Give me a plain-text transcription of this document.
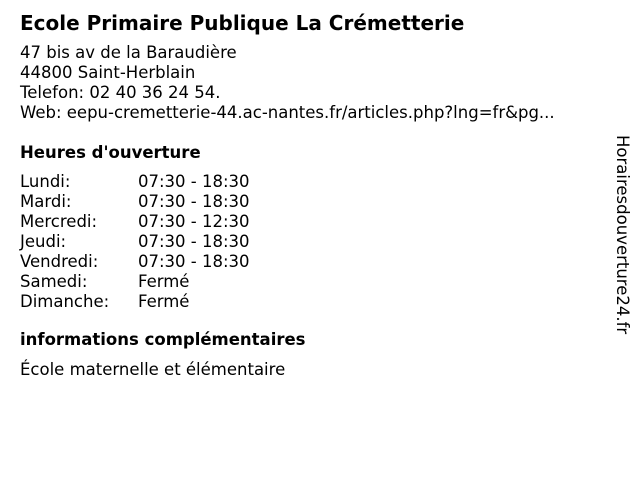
Ecole Primaire Publique La Crémetterie
47 bis av de la Baraudière
44800 Saint-Herblain
Telefon: 02 40 36 24 54.
Web: eepu-cremetterie-44.ac-nantes.fr/articles.php?lng=fr&pg...
Heures d'ouverture
Lundi:	07:30 - 18:30
Mardi:	07:30 - 18:30
Mercredi:	07:30 - 12:30
Jeudi:	07:30 - 18:30
Vendredi:	07:30 - 18:30
Samedi:	Fermé
Dimanche:	Fermé
informations complémentaires
École maternelle et élémentaire
Horairesdouverture24.fr
